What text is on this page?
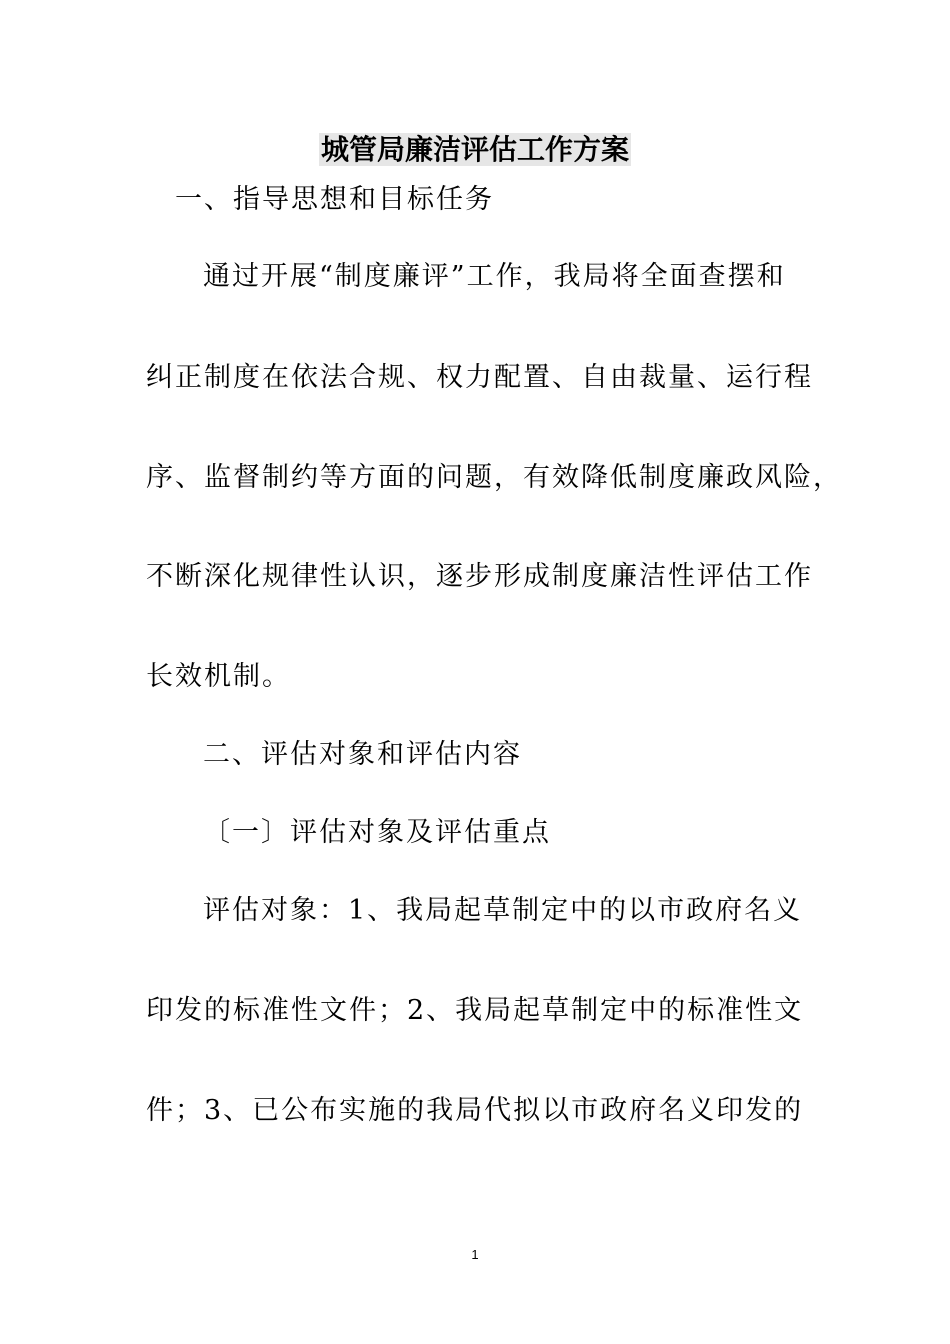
城管局廉洁评估工作方案

一、指导思想和目标任务

通过开展“制度廉评”工作，我局将全面查摆和

纠正制度在依法合规、权力配置、自由裁量、运行程

序、监督制约等方面的问题，有效降低制度廉政风险，

不断深化规律性认识，逐步形成制度廉洁性评估工作

长效机制。

二、评估对象和评估内容

〔一〕评估对象及评估重点

评估对象：1、我局起草制定中的以市政府名义

印发的标准性文件；2、我局起草制定中的标准性文

件；3、已公布实施的我局代拟以市政府名义印发的

1
